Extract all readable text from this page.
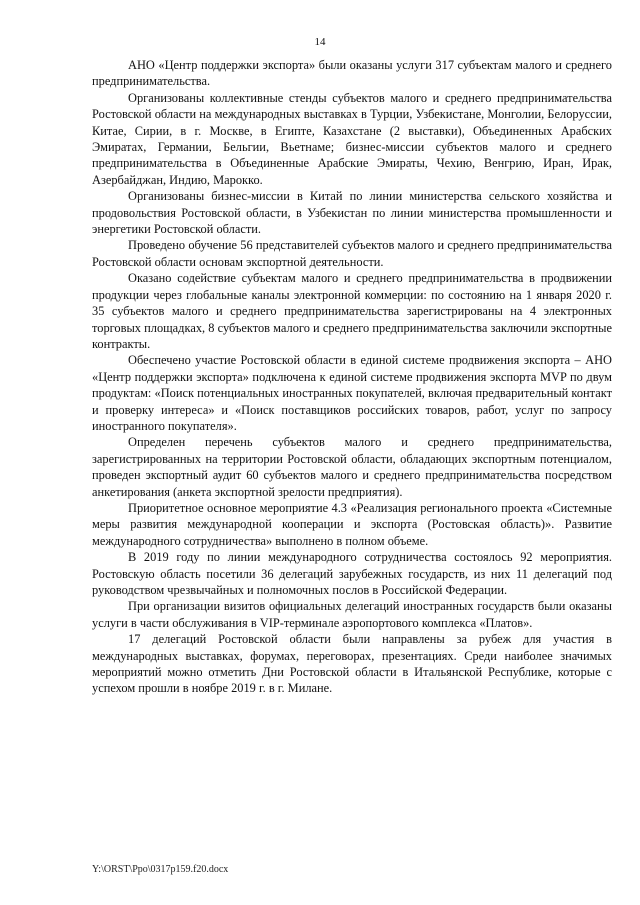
14

АНО «Центр поддержки экспорта» были оказаны услуги 317 субъектам малого и среднего предпринимательства.

Организованы коллективные стенды субъектов малого и среднего предпринимательства Ростовской области на международных выставках в Турции, Узбекистане, Монголии, Белоруссии, Китае, Сирии, в г. Москве, в Египте, Казахстане (2 выставки), Объединенных Арабских Эмиратах, Германии, Бельгии, Вьетнаме; бизнес-миссии субъектов малого и среднего предпринимательства в Объединенные Арабские Эмираты, Чехию, Венгрию, Иран, Ирак, Азербайджан, Индию, Марокко.

Организованы бизнес-миссии в Китай по линии министерства сельского хозяйства и продовольствия Ростовской области, в Узбекистан по линии министерства промышленности и энергетики Ростовской области.

Проведено обучение 56 представителей субъектов малого и среднего предпринимательства Ростовской области основам экспортной деятельности.

Оказано содействие субъектам малого и среднего предпринимательства в продвижении продукции через глобальные каналы электронной коммерции: по состоянию на 1 января 2020 г. 35 субъектов малого и среднего предпринимательства зарегистрированы на 4 электронных торговых площадках, 8 субъектов малого и среднего предпринимательства заключили экспортные контракты.

Обеспечено участие Ростовской области в единой системе продвижения экспорта – АНО «Центр поддержки экспорта» подключена к единой системе продвижения экспорта MVP по двум продуктам: «Поиск потенциальных иностранных покупателей, включая предварительный контакт и проверку интереса» и «Поиск поставщиков российских товаров, работ, услуг по запросу иностранного покупателя».

Определен перечень субъектов малого и среднего предпринимательства, зарегистрированных на территории Ростовской области, обладающих экспортным потенциалом, проведен экспортный аудит 60 субъектов малого и среднего предпринимательства посредством анкетирования (анкета экспортной зрелости предприятия).

Приоритетное основное мероприятие 4.3 «Реализация регионального проекта «Системные меры развития международной кооперации и экспорта (Ростовская область)». Развитие международного сотрудничества» выполнено в полном объеме.

В 2019 году по линии международного сотрудничества состоялось 92 мероприятия. Ростовскую область посетили 36 делегаций зарубежных государств, из них 11 делегаций под руководством чрезвычайных и полномочных послов в Российской Федерации.

При организации визитов официальных делегаций иностранных государств были оказаны услуги в части обслуживания в VIP-терминале аэропортового комплекса «Платов».

17 делегаций Ростовской области были направлены за рубеж для участия в международных выставках, форумах, переговорах, презентациях. Среди наиболее значимых мероприятий можно отметить Дни Ростовской области в Итальянской Республике, которые с успехом прошли в ноябре 2019 г. в г. Милане.

Y:\ORST\Ppo\0317p159.f20.docx
